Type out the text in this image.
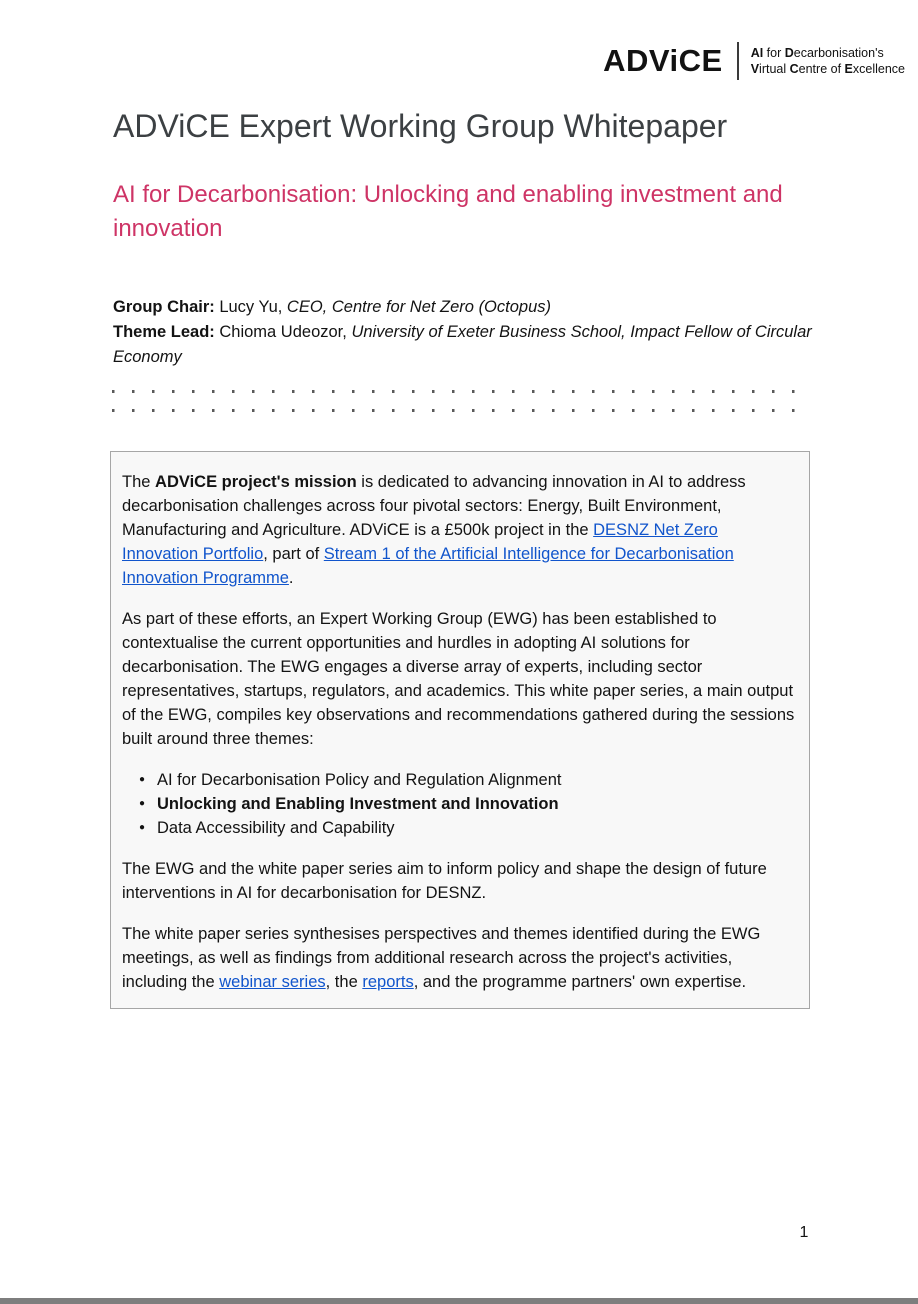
ADViCE AI for Decarbonisation's

Virtual Centre of Excellence

ADViCE Expert Working Group Whitepaper
AI for Decarbonisation: Unlocking and enabling investment and innovation

Group Chair: Lucy Yu, CEO, Centre for Net Zero (Octopus)

Theme Lead: Chioma Udeozor, University of Exeter Business School, Impact Fellow of Circular Economy

The ADViCE project's mission is dedicated to advancing innovation in AI to address decarbonisation challenges across four pivotal sectors: Energy, Built Environment, Manufacturing and Agriculture. ADViCE is a £500k project in the DESNZ Net Zero Innovation Portfolio, part of Stream 1 of the Artificial Intelligence for Decarbonisation Innovation Programme.

As part of these efforts, an Expert Working Group (EWG) has been established to contextualise the current opportunities and hurdles in adopting AI solutions for decarbonisation. The EWG engages a diverse array of experts, including sector representatives, startups, regulators, and academics. This white paper series, a main output of the EWG, compiles key observations and recommendations gathered during the sessions built around three themes:

● AI for Decarbonisation Policy and Regulation Alignment
● Unlocking and Enabling Investment and Innovation
● Data Accessibility and Capability

The EWG and the white paper series aim to inform policy and shape the design of future interventions in AI for decarbonisation for DESNZ.

The white paper series synthesises perspectives and themes identified during the EWG meetings, as well as findings from additional research across the project's activities, including the webinar series, the reports, and the programme partners' own expertise.

1
